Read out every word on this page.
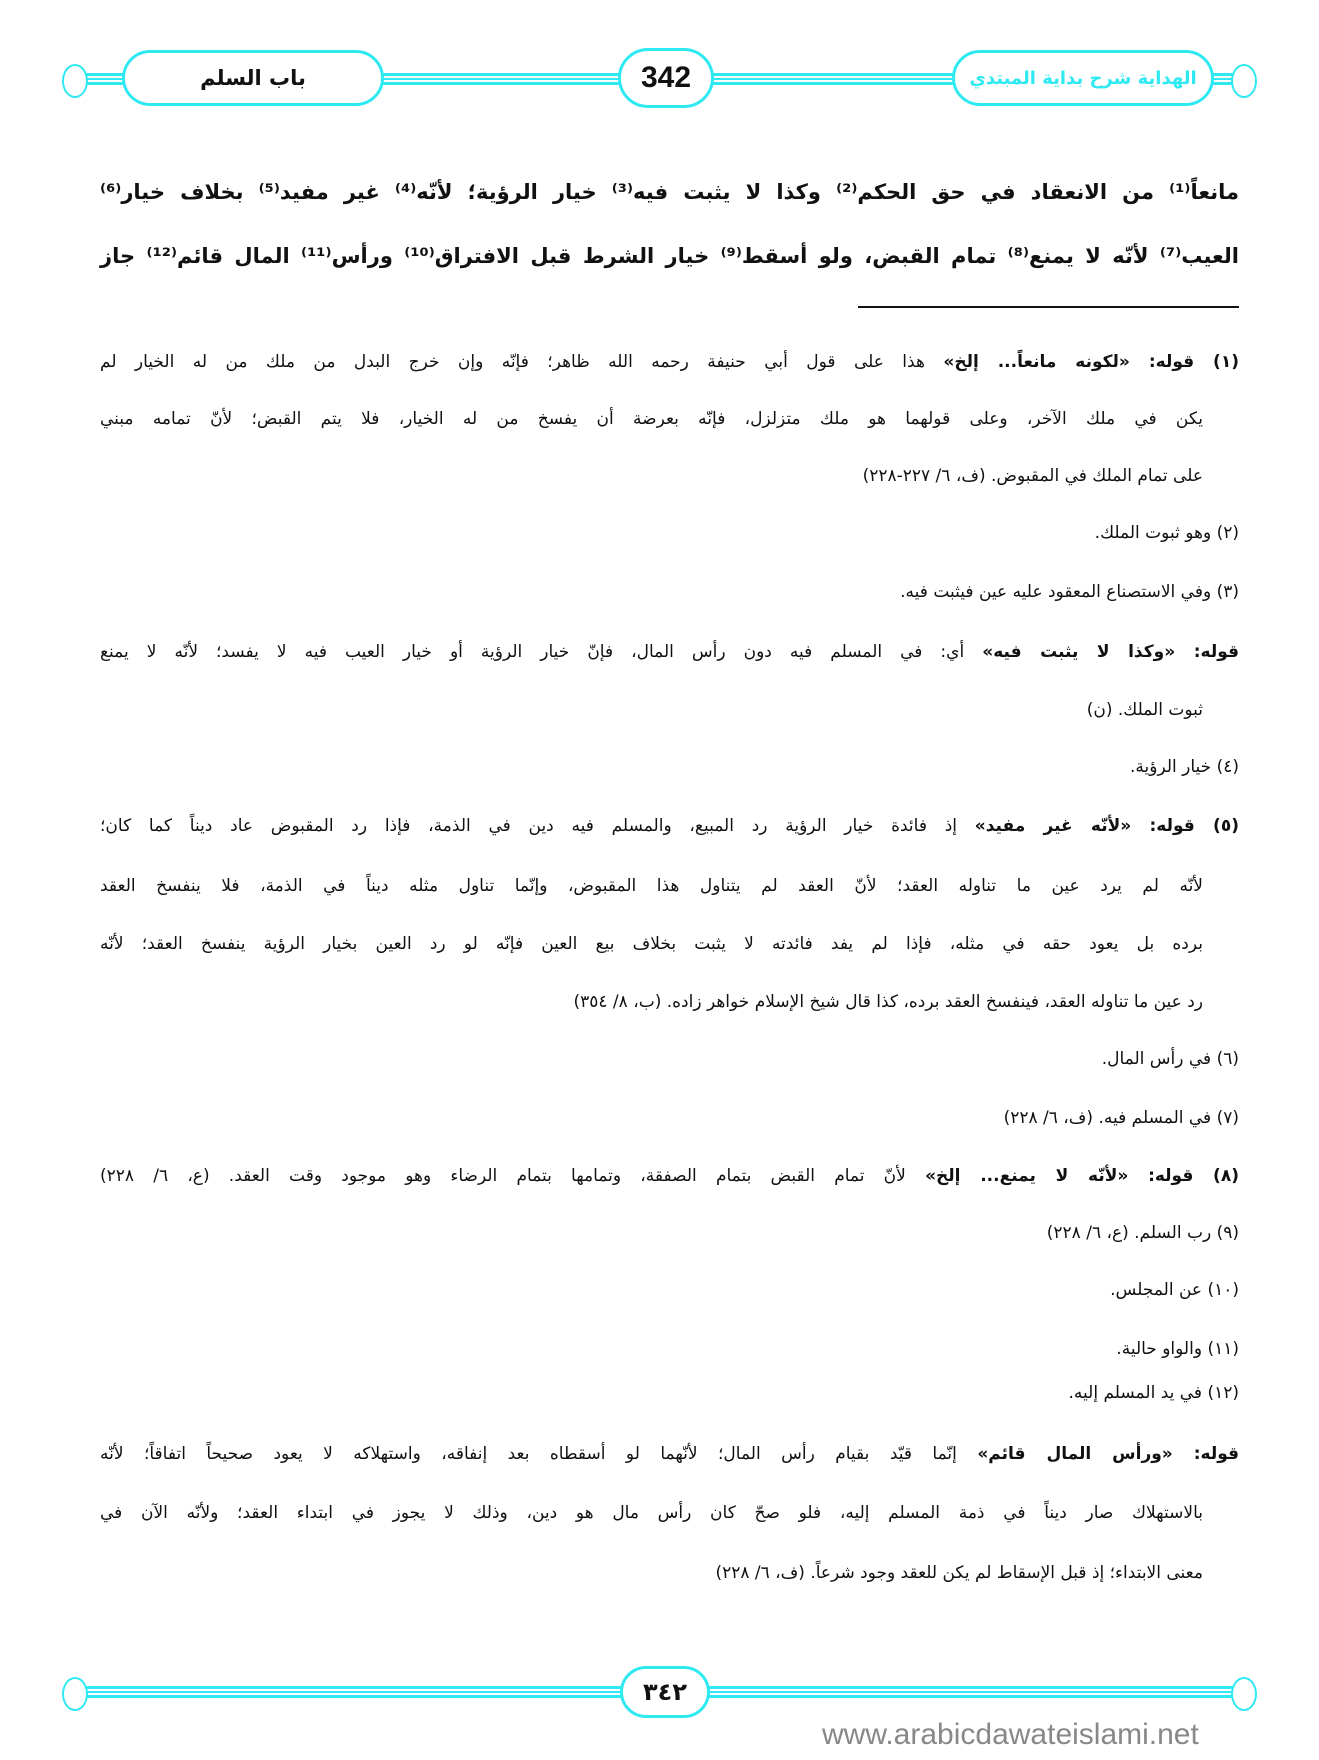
باب السلم	342	الهداية شرح بداية المبتدي
مانعاً⁽¹⁾ من الانعقاد في حق الحكم⁽²⁾ وكذا لا يثبت فيه⁽³⁾ خيار الرؤية؛ لأنّه⁽⁴⁾ غير مفيد⁽⁵⁾ بخلاف خيار⁽⁶⁾
العيب⁽⁷⁾ لأنّه لا يمنع⁽⁸⁾ تمام القبض، ولو أسقط⁽⁹⁾ خيار الشرط قبل الافتراق⁽¹⁰⁾ ورأس⁽¹¹⁾ المال قائم⁽¹²⁾ جاز
(١) قوله: «لكونه مانعاً... إلخ» هذا على قول أبي حنيفة رحمه الله ظاهر؛ فإنّه وإن خرج البدل من ملك من له الخيار لم
يكن في ملك الآخر، وعلى قولهما هو ملك متزلزل، فإنّه بعرضة أن يفسخ من له الخيار، فلا يتم القبض؛ لأنّ تمامه مبني
على تمام الملك في المقبوض. (ف، ٦/ ٢٢٧-٢٢٨)
(٢) وهو ثبوت الملك.
(٣) وفي الاستصناع المعقود عليه عين فيثبت فيه.
قوله: «وكذا لا يثبت فيه» أي: في المسلم فيه دون رأس المال، فإنّ خيار الرؤية أو خيار العيب فيه لا يفسد؛ لأنّه لا يمنع
ثبوت الملك. (ن)
(٤) خيار الرؤية.
(٥) قوله: «لأنّه غير مفيد» إذ فائدة خيار الرؤية رد المبيع، والمسلم فيه دين في الذمة، فإذا رد المقبوض عاد ديناً كما كان؛
لأنّه لم يرد عين ما تناوله العقد؛ لأنّ العقد لم يتناول هذا المقبوض، وإنّما تناول مثله ديناً في الذمة، فلا ينفسخ العقد
برده بل يعود حقه في مثله، فإذا لم يفد فائدته لا يثبت بخلاف بيع العين فإنّه لو رد العين بخيار الرؤية ينفسخ العقد؛ لأنّه
رد عين ما تناوله العقد، فينفسخ العقد برده، كذا قال شيخ الإسلام خواهر زاده. (ب، ٨/ ٣٥٤)
(٦) في رأس المال.
(٧) في المسلم فيه. (ف، ٦/ ٢٢٨)
(٨) قوله: «لأنّه لا يمنع... إلخ» لأنّ تمام القبض بتمام الصفقة، وتمامها بتمام الرضاء وهو موجود وقت العقد. (ع، ٦/ ٢٢٨)
(٩) رب السلم. (ع، ٦/ ٢٢٨)
(١٠) عن المجلس.
(١١) والواو حالية.
(١٢) في يد المسلم إليه.
قوله: «ورأس المال قائم» إنّما قيّد بقيام رأس المال؛ لأنّهما لو أسقطاه بعد إنفاقه، واستهلاكه لا يعود صحيحاً اتفاقاً؛ لأنّه
بالاستهلاك صار ديناً في ذمة المسلم إليه، فلو صحّ كان رأس مال هو دين، وذلك لا يجوز في ابتداء العقد؛ ولأنّه الآن في
معنى الابتداء؛ إذ قبل الإسقاط لم يكن للعقد وجود شرعاً. (ف، ٦/ ٢٢٨)
٣٤٢
www.arabicdawateislami.net
